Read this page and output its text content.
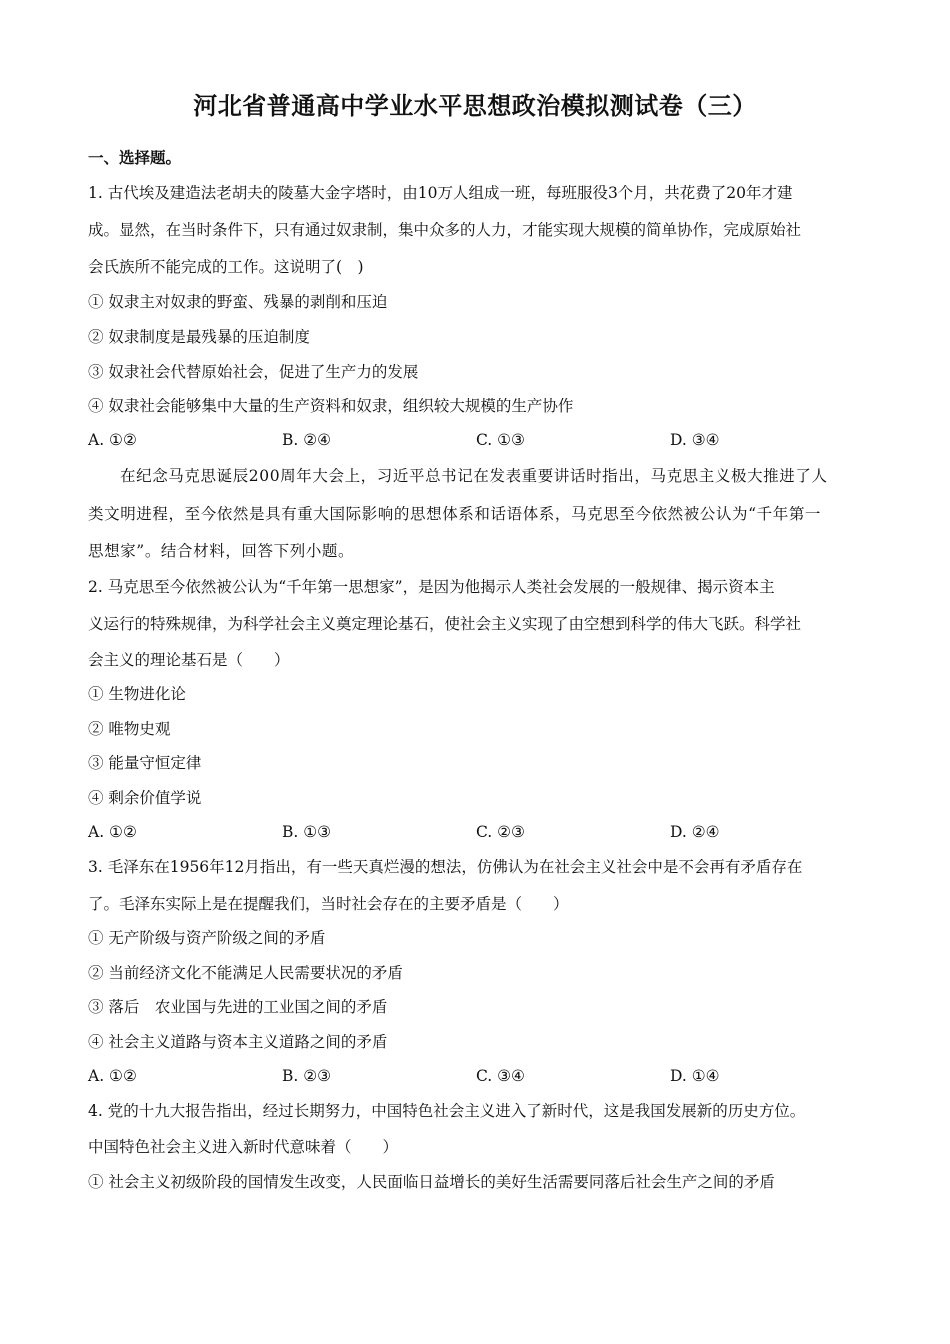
河北省普通高中学业水平思想政治模拟测试卷（三）
一、选择题。
1. 古代埃及建造法老胡夫的陵墓大金字塔时，由10万人组成一班，每班服役3个月，共花费了20年才建
成。显然，在当时条件下，只有通过奴隶制，集中众多的人力，才能实现大规模的简单协作，完成原始社
会氏族所不能完成的工作。这说明了(　)
① 奴隶主对奴隶的野蛮、残暴的剥削和压迫
② 奴隶制度是最残暴的压迫制度
③ 奴隶社会代替原始社会，促进了生产力的发展
④ 奴隶社会能够集中大量的生产资料和奴隶，组织较大规模的生产协作
A. ①②	B. ②④	C. ①③	D. ③④
在纪念马克思诞辰200周年大会上，习近平总书记在发表重要讲话时指出，马克思主义极大推进了人
类文明进程，至今依然是具有重大国际影响的思想体系和话语体系，马克思至今依然被公认为“千年第一
思想家”。结合材料，回答下列小题。
2. 马克思至今依然被公认为“千年第一思想家”，是因为他揭示人类社会发展的一般规律、揭示资本主
义运行的特殊规律，为科学社会主义奠定理论基石，使社会主义实现了由空想到科学的伟大飞跃。科学社
会主义的理论基石是（　　）
① 生物进化论
② 唯物史观
③ 能量守恒定律
④ 剩余价值学说
A. ①②	B. ①③	C. ②③	D. ②④
3. 毛泽东在1956年12月指出，有一些天真烂漫的想法，仿佛认为在社会主义社会中是不会再有矛盾存在
了。毛泽东实际上是在提醒我们，当时社会存在的主要矛盾是（　　）
① 无产阶级与资产阶级之间的矛盾
② 当前经济文化不能满足人民需要状况的矛盾
③ 落后　农业国与先进的工业国之间的矛盾
④ 社会主义道路与资本主义道路之间的矛盾
A. ①②	B. ②③	C. ③④	D. ①④
4. 党的十九大报告指出，经过长期努力，中国特色社会主义进入了新时代，这是我国发展新的历史方位。
中国特色社会主义进入新时代意味着（　　）
① 社会主义初级阶段的国情发生改变，人民面临日益增长的美好生活需要同落后社会生产之间的矛盾
